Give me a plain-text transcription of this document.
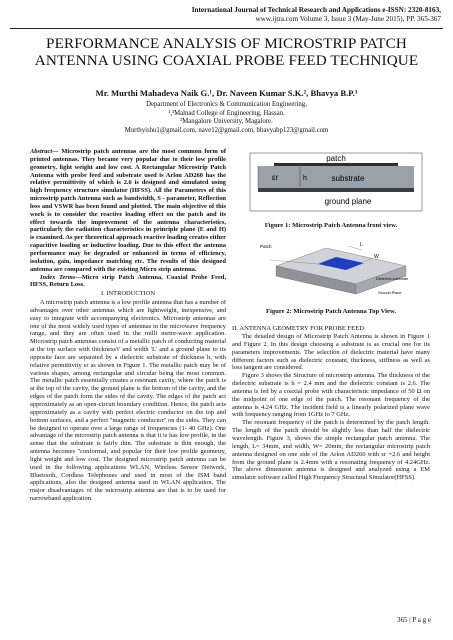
International Journal of Technical Research and Applications e-ISSN: 2320-8163,
www.ijtra.com Volume 3, Issue 3 (May-June 2015), PP. 365-367
PERFORMANCE ANALYSIS OF MICROSTRIP PATCH ANTENNA USING COAXIAL PROBE FEED TECHNIQUE
Mr. Murthi Mahadeva Naik G.¹, Dr. Naveen Kumar S.K.², Bhavya B.P.³
Department of Electronics & Communication Engineering,
¹,³Malnad College of Engineering, Hassan.
²Mangalore University, Magalore.
Murthyishu1@gmail.com, nave12@gmail.com, bhavyabp123@gmail.com

Abstract— Microstrip patch antennas are the most common form of printed antennas. They became very popular due to their low profile geometry, light weight and low cost. A Rectangular Microstrip Patch Antenna with probe feed and substrate used is Arlon AD260 has the relative permittivity of which is 2.6 is designed and simulated using high frequency structure simulator (HFSS). All the Parameters of this microstrip patch Antenna such as bandwidth, S - parameter, Reflection loss and VSWR has been found and plotted. The main objective of this work is to consider the reactive loading effect on the patch and its effect towards the improvement of the antenna characteristics, particularly the radiation characteristics in principle plane (E and H) is examined. As per theoretical approach reactive loading creates either capacitive loading or inductive loading. Due to this effect the antenna performance may be degraded or enhanced in terms of efficiency, isolation, gain, impedance matching etc. The results of this designed antenna are compared with the existing Micro strip antenna.

Index Terms—Micro strip Patch Antenna, Coaxial Probe Feed, HFSS, Return Loss.

I. INTRODUCTION

A microstrip patch antenna is a low profile antenna that has a number of advantages over other antennas which are lightweight, inexpensive, and easy to integrate with accompanying electronics. Microstrip antennas are one of the most widely used types of antennas in the microwave frequency range, and they are often used in the milli metre-wave application. Microstrip patch antennas consist of a metallic patch of conducting material at the top surface with thickness't' and width 'L' and a ground plane to its opposite face are separated by a dielectric substrate of thickness h, with relative permittivity εr as shown in Figure 1. The metallic patch may be of various shapes, among rectangular and circular being the most common. The metallic patch essentially creates a resonant cavity, where the patch is at the top of the cavity, the ground plane is the bottom of the cavity, and the edges of the patch form the sides of the cavity. The edges of the patch act approximately as an open-circuit boundary condition. Hence, the patch acts approximately as a cavity with perfect electric conductor on the top and bottom surfaces, and a perfect "magnetic conductor" on the sides. They can be designed to operate over a large range of frequencies (1- 40 GHz). One advantage of the microstrip patch antenna is that it is has low profile, in the sense that the substrate is fairly thin. The substrate is thin enough, the antenna becomes "conformal, and popular for their low profile geometry, light weight and low cost. The designed microstrip patch antenna can be used in the following applications WLAN, Wireless Sensor Network, Bluetooth, Cordless Telephones and used in most of the ISM band applications, also the designed antenna used in WLAN application. The major disadvantages of the microstrip antenna are that is to be used for narrowband application.

patch
εr	h	substrate
ground plane
Figure 1: Microstrip Patch Antenna front view.
Patch	L
W
Dielectric substrate
Ground Plane
Figure 2: Microstrip Patch Antenna Top View.
II. ANTENNA GEOMETRY FOR PROBE FEED

The detailed design of Microstrip Patch Antenna is shown in Figure 1 and Figure 2. In this design choosing a substrate is as crucial one for its parameters improvements. The selection of dielectric material have many different factors such as dielectric constant, thickness, stiffness as well as loss tangent are considered.

Figure 3 shows the Structure of microstrip antenna. The thickness of the dielectric substrate is h = 2.4 mm and the dielectric constant is 2.6. The antenna is fed by a coaxial probe with characteristic impedance of 50 Ω on the midpoint of one edge of the patch. The resonant frequency of the antenna is 4.24 GHz. The incident field is a linearly polarized plane wave with frequency ranging from 1GHz to 7 GHz.

The resonant frequency of the patch is determined by the patch length. The length of the patch should be slightly less than half the dielectric wavelength. Figure 3, shows the simple rectangular patch antenna. The length, L= 34mm, and width, W= 20mm, the rectangular microstrip patch antenna designed on one side of the Arlon AD260 with εr =2.6 and height from the ground plane is 2.4mm with a resonating frequency of 4.24GHz. The above dimension antenna is designed and analyzed using a EM simulator software called High Frequency Structural Simulator(HFSS).

365 | P a g e
